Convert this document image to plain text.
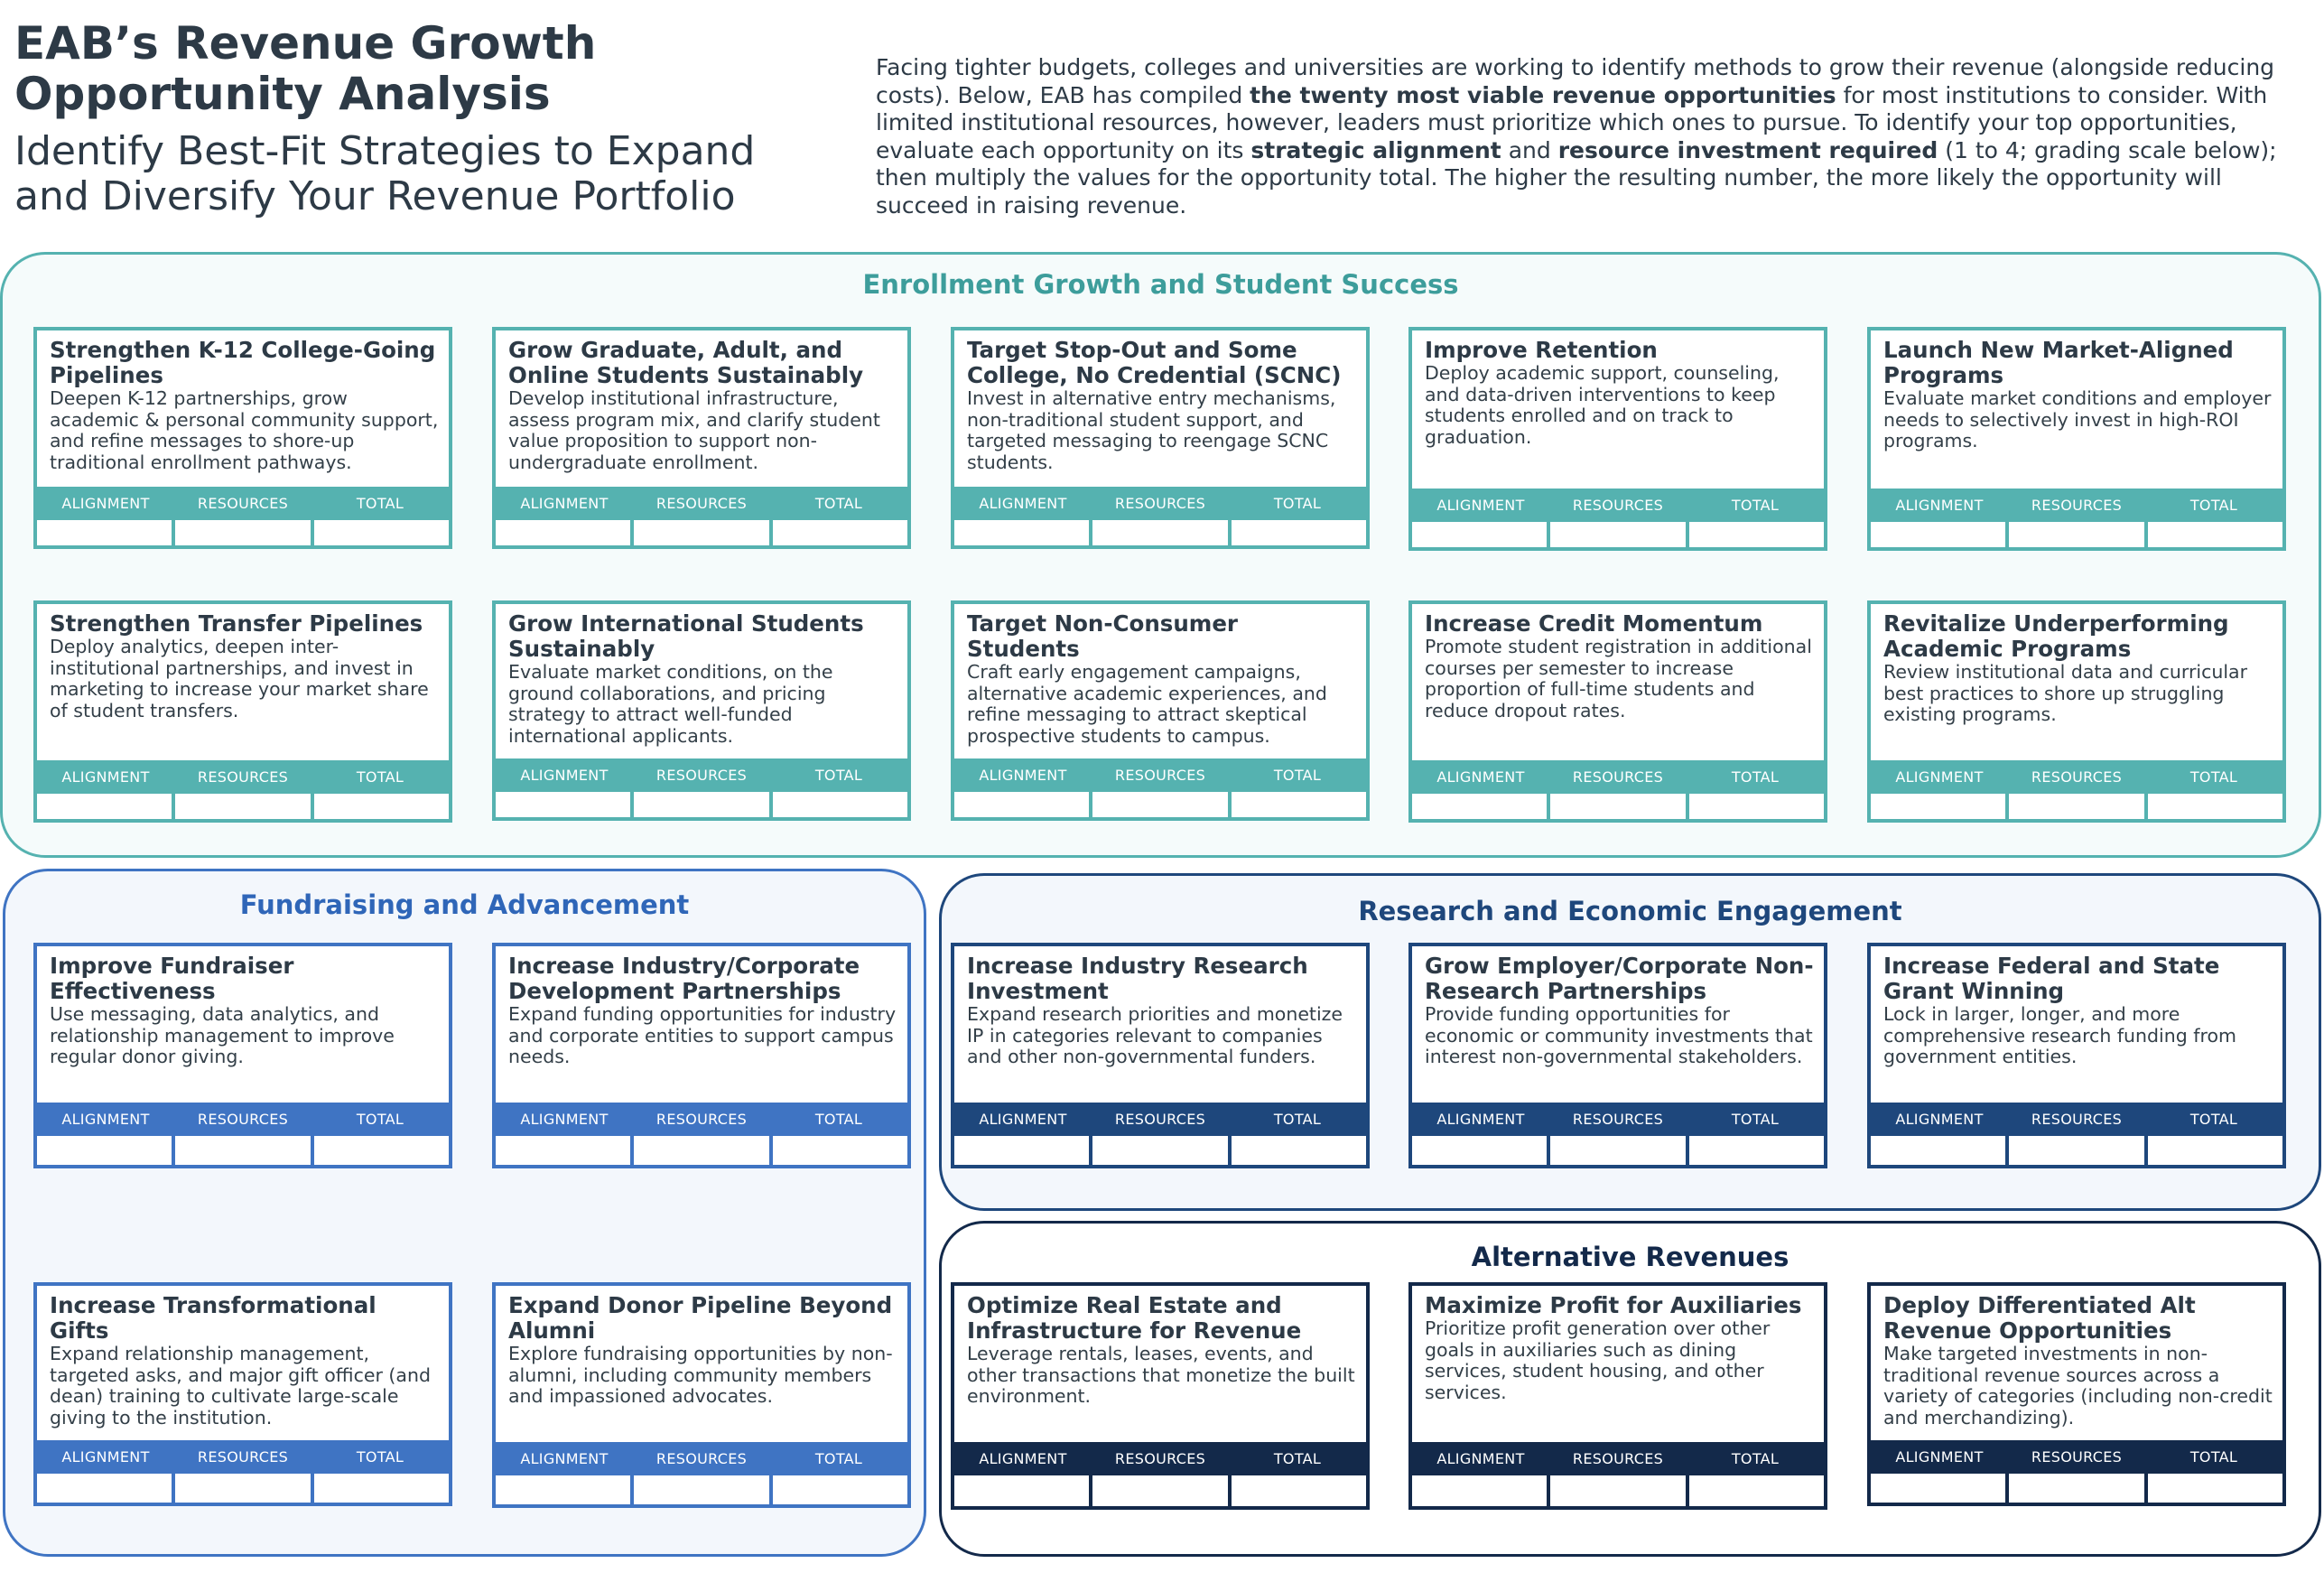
EAB’s Revenue Growth
Opportunity Analysis
Identify Best-Fit Strategies to Expand
and Diversify Your Revenue Portfolio
Facing tighter budgets, colleges and universities are working to identify methods to grow their revenue (alongside reducing costs). Below, EAB has compiled the twenty most viable revenue opportunities for most institutions to consider. With limited institutional resources, however, leaders must prioritize which ones to pursue. To identify your top opportunities, evaluate each opportunity on its strategic alignment and resource investment required (1 to 4; grading scale below); then multiply the values for the opportunity total. The higher the resulting number, the more likely the opportunity will succeed in raising revenue.
Enrollment Growth and Student Success
Fundraising and Advancement	Research and Economic Engagement
Alternative Revenues
Strengthen K-12 College-Going Pipelines
Deepen K-12 partnerships, grow academic & personal community support, and refine messages to shore-up traditional enrollment pathways.
ALIGNMENT	RESOURCES	TOTAL
Grow Graduate, Adult, and Online Students Sustainably
Develop institutional infrastructure, assess program mix, and clarify student value proposition to support non-undergraduate enrollment.
ALIGNMENT	RESOURCES	TOTAL
Target Stop-Out and Some College, No Credential (SCNC)
Invest in alternative entry mechanisms, non-traditional student support, and targeted messaging to reengage SCNC students.
ALIGNMENT	RESOURCES	TOTAL
Improve Retention
Deploy academic support, counseling, and data-driven interventions to keep students enrolled and on track to graduation.
ALIGNMENT	RESOURCES	TOTAL
Launch New Market-Aligned Programs
Evaluate market conditions and employer needs to selectively invest in high-ROI programs.
ALIGNMENT	RESOURCES	TOTAL
Strengthen Transfer Pipelines
Deploy analytics, deepen inter-institutional partnerships, and invest in marketing to increase your market share of student transfers.
ALIGNMENT	RESOURCES	TOTAL
Grow International Students Sustainably
Evaluate market conditions, on the ground collaborations, and pricing strategy to attract well-funded international applicants.
ALIGNMENT	RESOURCES	TOTAL
Target Non-Consumer Students
Craft early engagement campaigns, alternative academic experiences, and refine messaging to attract skeptical prospective students to campus.
ALIGNMENT	RESOURCES	TOTAL
Increase Credit Momentum
Promote student registration in additional courses per semester to increase proportion of full-time students and reduce dropout rates.
ALIGNMENT	RESOURCES	TOTAL
Revitalize Underperforming Academic Programs
Review institutional data and curricular best practices to shore up struggling existing programs.
ALIGNMENT	RESOURCES	TOTAL
Improve Fundraiser Effectiveness
Use messaging, data analytics, and relationship management to improve regular donor giving.
ALIGNMENT	RESOURCES	TOTAL
Increase Industry/Corporate Development Partnerships
Expand funding opportunities for industry and corporate entities to support campus needs.
ALIGNMENT	RESOURCES	TOTAL
Increase Transformational Gifts
Expand relationship management, targeted asks, and major gift officer (and dean) training to cultivate large-scale giving to the institution.
ALIGNMENT	RESOURCES	TOTAL
Expand Donor Pipeline Beyond Alumni
Explore fundraising opportunities by non-alumni, including community members and impassioned advocates.
ALIGNMENT	RESOURCES	TOTAL
Increase Industry Research Investment
Expand research priorities and monetize IP in categories relevant to companies and other non-governmental funders.
ALIGNMENT	RESOURCES	TOTAL
Grow Employer/Corporate Non-Research Partnerships
Provide funding opportunities for economic or community investments that interest non-governmental stakeholders.
ALIGNMENT	RESOURCES	TOTAL
Increase Federal and State Grant Winning
Lock in larger, longer, and more comprehensive research funding from government entities.
ALIGNMENT	RESOURCES	TOTAL
Optimize Real Estate and Infrastructure for Revenue
Leverage rentals, leases, events, and other transactions that monetize the built environment.
ALIGNMENT	RESOURCES	TOTAL
Maximize Profit for Auxiliaries
Prioritize profit generation over other goals in auxiliaries such as dining services, student housing, and other services.
ALIGNMENT	RESOURCES	TOTAL
Deploy Differentiated Alt Revenue Opportunities
Make targeted investments in non-traditional revenue sources across a variety of categories (including non-credit and merchandizing).
ALIGNMENT	RESOURCES	TOTAL
